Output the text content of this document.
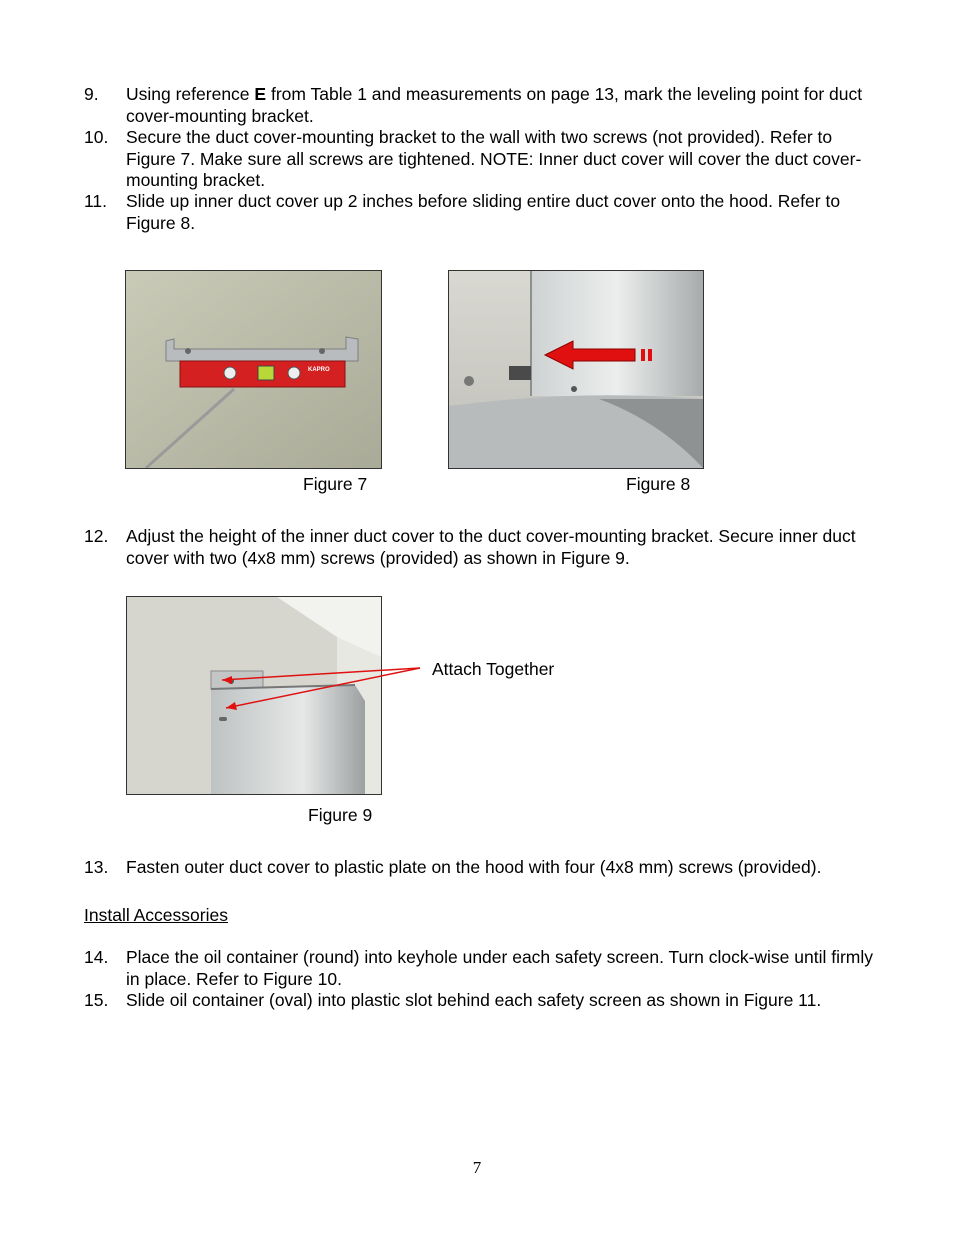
9. Using reference E from Table 1 and measurements on page 13, mark the leveling point for duct cover-mounting bracket.
10. Secure the duct cover-mounting bracket to the wall with two screws (not provided). Refer to Figure 7. Make sure all screws are tightened. NOTE: Inner duct cover will cover the duct cover-mounting bracket.
11. Slide up inner duct cover up 2 inches before sliding entire duct cover onto the hood. Refer to Figure 8.
KAPRO
Figure 7	Figure 8
12. Adjust the height of the inner duct cover to the duct cover-mounting bracket. Secure inner duct cover with two (4x8 mm) screws (provided) as shown in Figure 9.
Attach Together
Figure 9
13. Fasten outer duct cover to plastic plate on the hood with four (4x8 mm) screws (provided).
Install Accessories
14. Place the oil container (round) into keyhole under each safety screen. Turn clock-wise until firmly in place. Refer to Figure 10.
15. Slide oil container (oval) into plastic slot behind each safety screen as shown in Figure 11.
7
